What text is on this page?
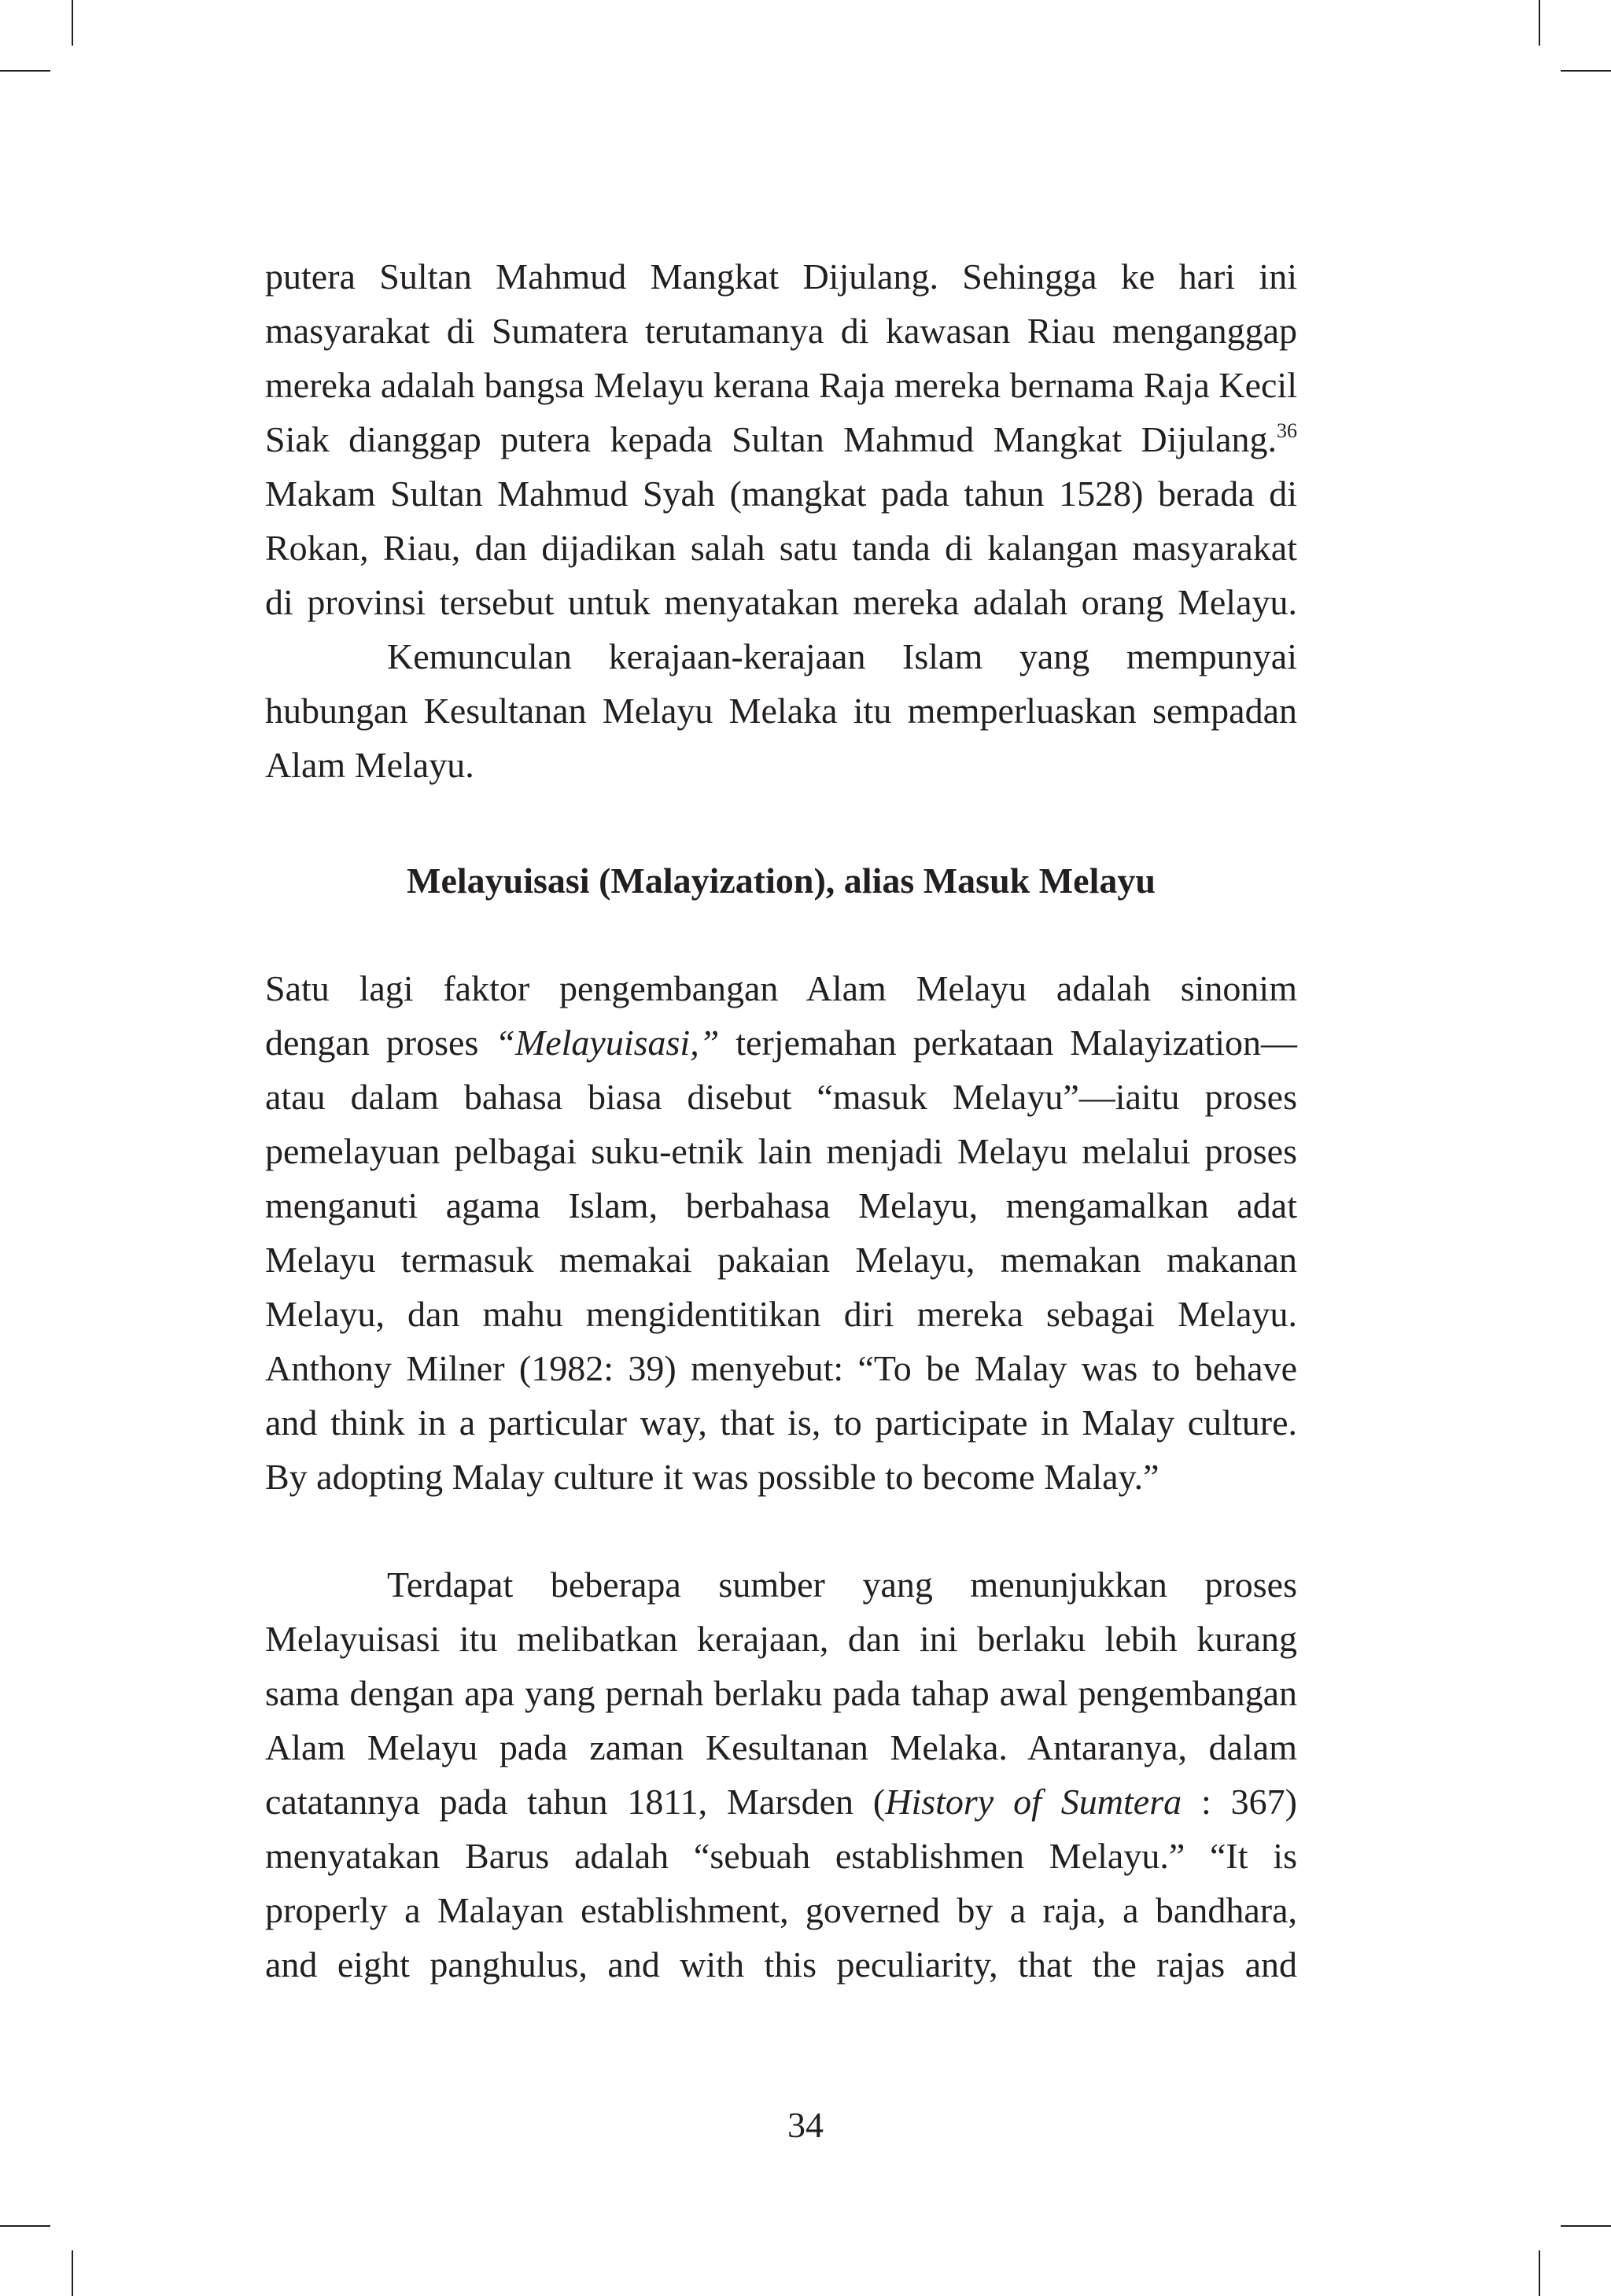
putera Sultan Mahmud Mangkat Dijulang. Sehingga ke hari ini
masyarakat di Sumatera terutamanya di kawasan Riau menganggap
mereka adalah bangsa Melayu kerana Raja mereka bernama Raja Kecil
Siak dianggap putera kepada Sultan Mahmud Mangkat Dijulang.$^{36}$
Makam Sultan Mahmud Syah (mangkat pada tahun 1528) berada di
Rokan, Riau, dan dijadikan salah satu tanda di kalangan masyarakat
di provinsi tersebut untuk menyatakan mereka adalah orang Melayu.
Kemunculan kerajaan-kerajaan Islam yang mempunyai
hubungan Kesultanan Melayu Melaka itu memperluaskan sempadan
Alam Melayu.
Melayuisasi (Malayization), alias Masuk Melayu
Satu lagi faktor pengembangan Alam Melayu adalah sinonim
dengan proses “Melayuisasi,” terjemahan perkataan Malayization—
atau dalam bahasa biasa disebut “masuk Melayu”—iaitu proses
pemelayuan pelbagai suku-etnik lain menjadi Melayu melalui proses
menganuti agama Islam, berbahasa Melayu, mengamalkan adat
Melayu termasuk memakai pakaian Melayu, memakan makanan
Melayu, dan mahu mengidentitikan diri mereka sebagai Melayu.
Anthony Milner (1982: 39) menyebut: “To be Malay was to behave
and think in a particular way, that is, to participate in Malay culture.
By adopting Malay culture it was possible to become Malay.”
Terdapat beberapa sumber yang menunjukkan proses
Melayuisasi itu melibatkan kerajaan, dan ini berlaku lebih kurang
sama dengan apa yang pernah berlaku pada tahap awal pengembangan
Alam Melayu pada zaman Kesultanan Melaka. Antaranya, dalam
catatannya pada tahun 1811, Marsden (History of Sumtera : 367)
menyatakan Barus adalah “sebuah establishmen Melayu.” “It is
properly a Malayan establishment, governed by a raja, a bandhara,
and eight panghulus, and with this peculiarity, that the rajas and
34
